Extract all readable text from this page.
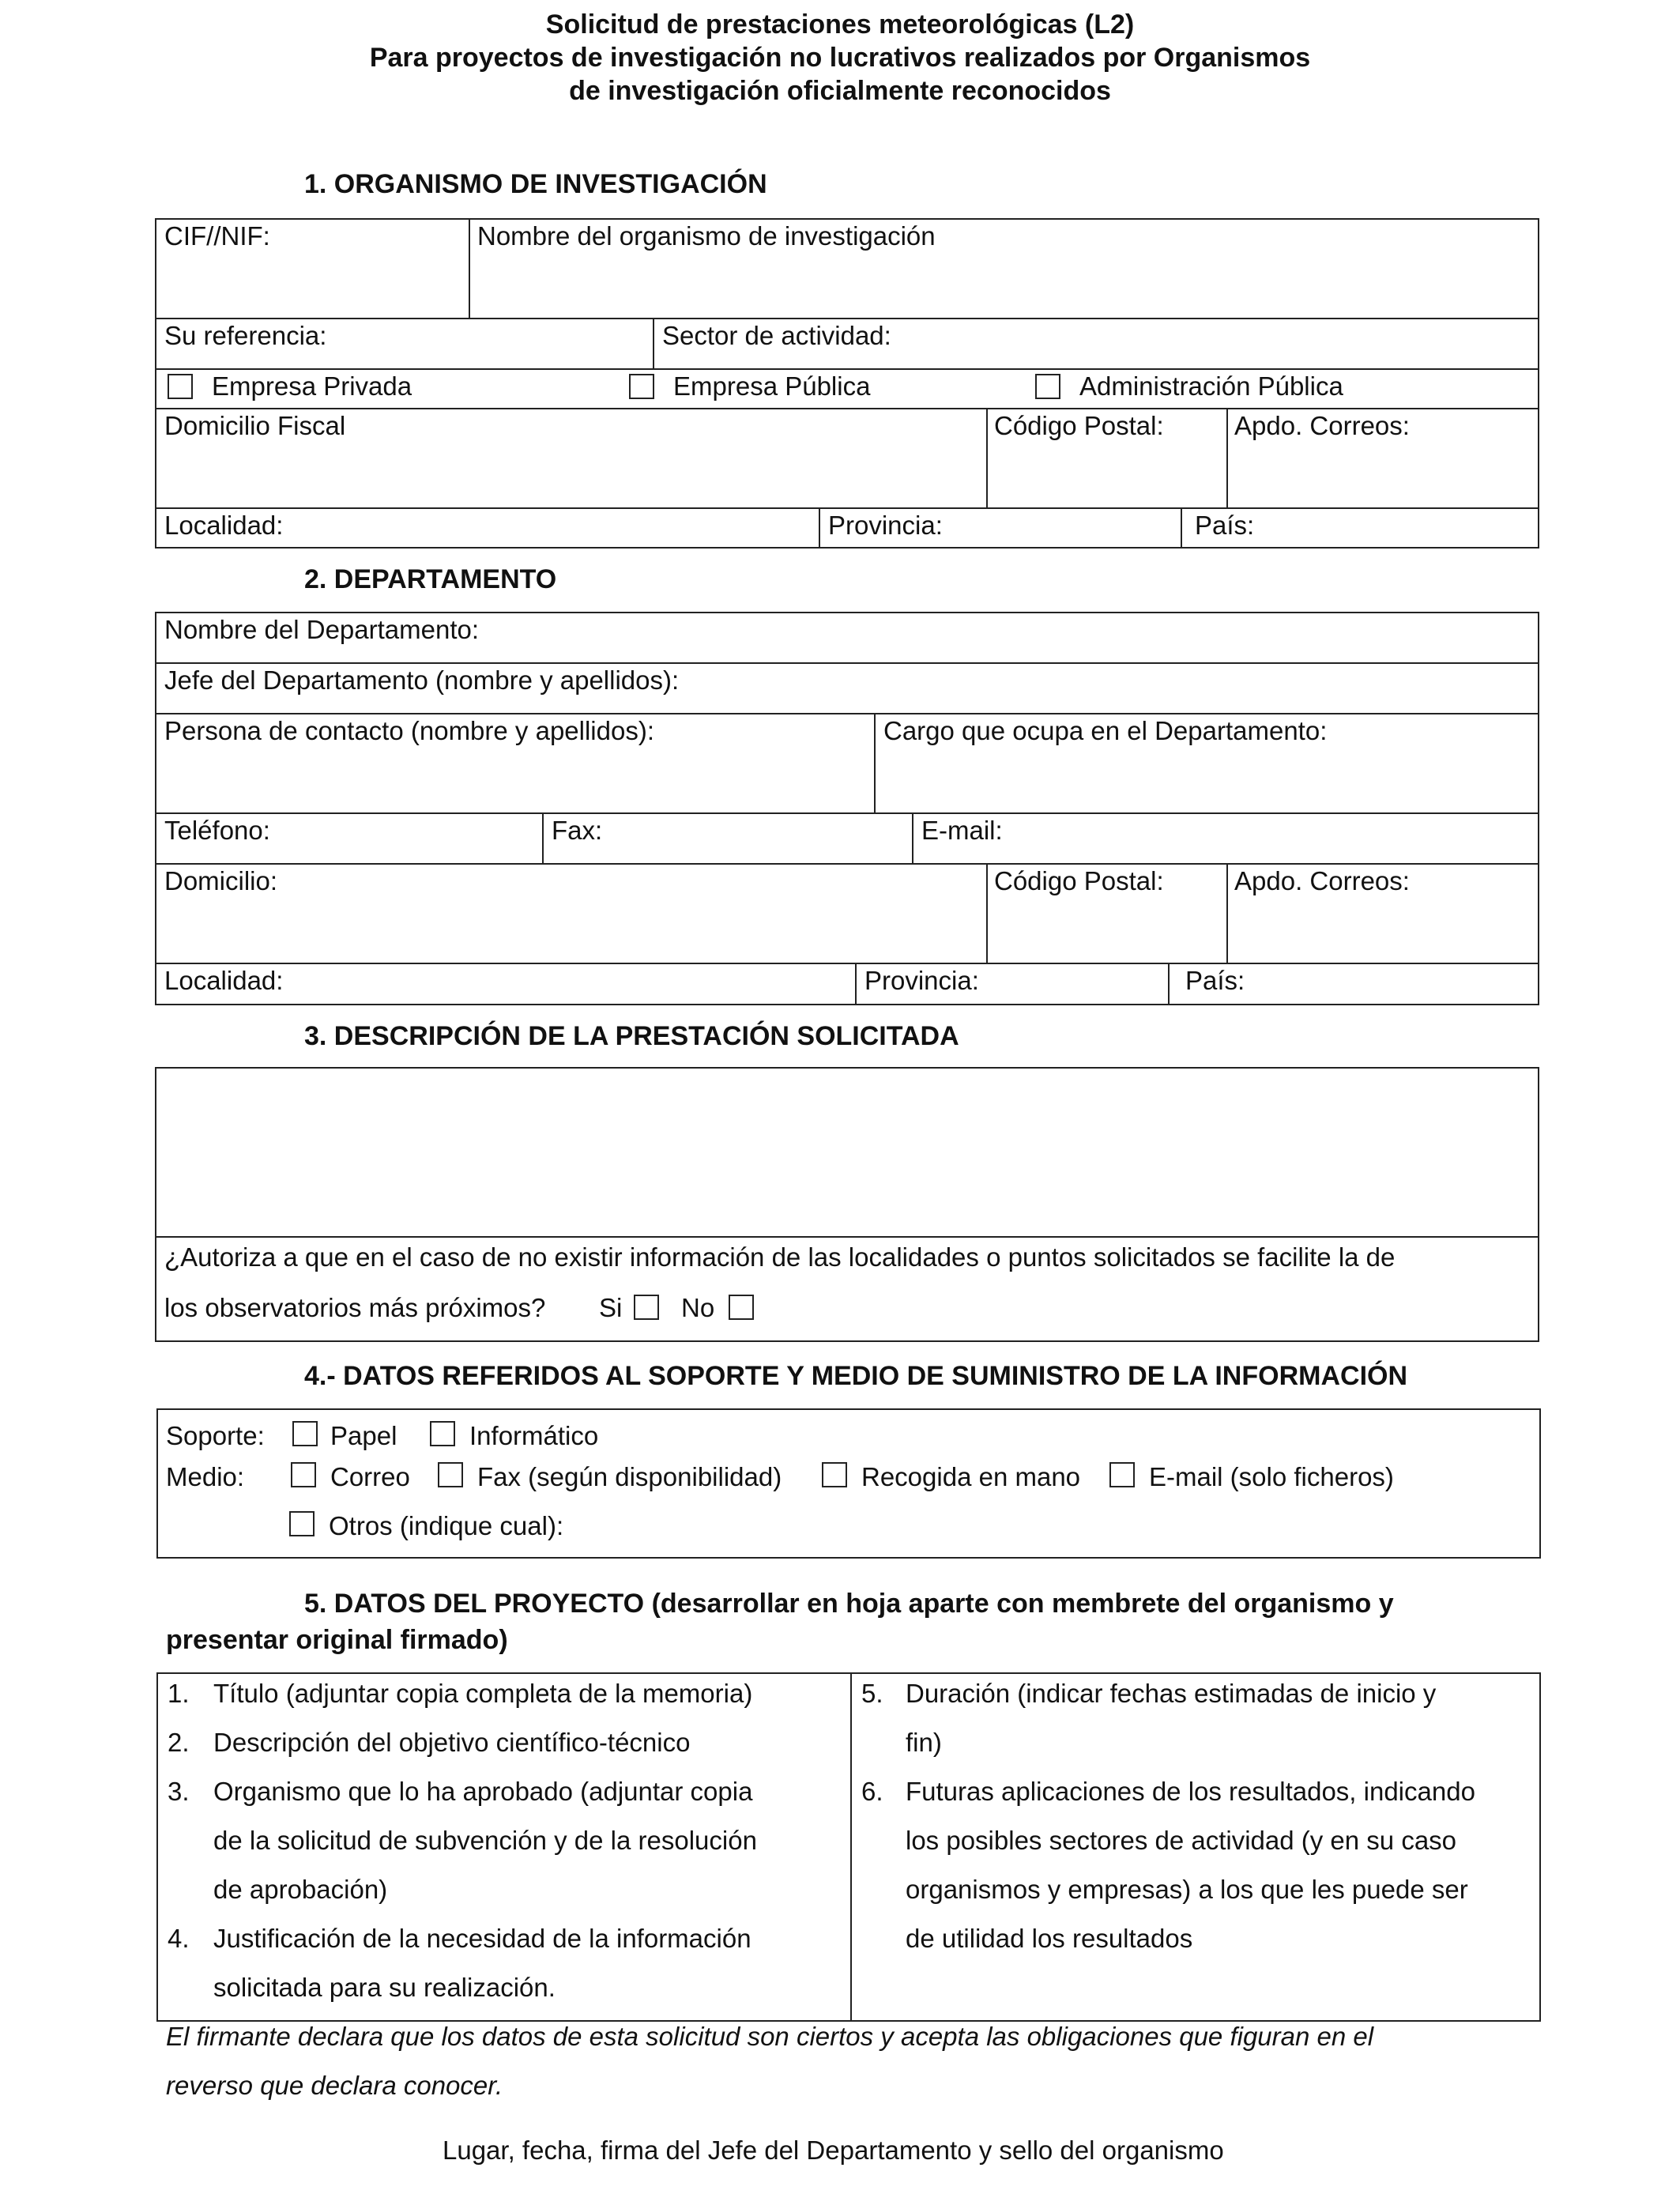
Solicitud de prestaciones meteorológicas (L2)
Para proyectos de investigación no lucrativos realizados por Organismos
de investigación oficialmente reconocidos
1. ORGANISMO DE INVESTIGACIÓN
CIF//NIF:	Nombre del organismo de investigación
Su referencia:	Sector de actividad:
Empresa Privada	Empresa Pública	Administración Pública
Domicilio Fiscal	Código Postal:	Apdo. Correos:
Localidad:	Provincia:	País:
2. DEPARTAMENTO
Nombre del Departamento:
Jefe del Departamento (nombre y apellidos):
Persona de contacto (nombre y apellidos):	Cargo que ocupa en el Departamento:
Teléfono:	Fax:	E-mail:
Domicilio:	Código Postal:	Apdo. Correos:
Localidad:	Provincia:	País:
3. DESCRIPCIÓN DE LA PRESTACIÓN SOLICITADA
¿Autoriza a que en el caso de no existir información de las localidades o puntos solicitados se facilite la de
los observatorios más próximos? Si No
4.- DATOS REFERIDOS AL SOPORTE Y MEDIO DE SUMINISTRO DE LA INFORMACIÓN
Soporte:	Papel	Informático
Medio:	Correo	Fax (según disponibilidad)	Recogida en mano	E-mail (solo ficheros)
Otros (indique cual):
5. DATOS DEL PROYECTO (desarrollar en hoja aparte con membrete del organismo y
presentar original firmado)
1. Título (adjuntar copia completa de la memoria)
2. Descripción del objetivo científico-técnico
3. Organismo que lo ha aprobado (adjuntar copia
de la solicitud de subvención y de la resolución
de aprobación)
4. Justificación de la necesidad de la información
solicitada para su realización.
5. Duración (indicar fechas estimadas de inicio y
fin)
6. Futuras aplicaciones de los resultados, indicando
los posibles sectores de actividad (y en su caso
organismos y empresas) a los que les puede ser
de utilidad los resultados
El firmante declara que los datos de esta solicitud son ciertos y acepta las obligaciones que figuran en el
reverso que declara conocer.
Lugar, fecha, firma del Jefe del Departamento y sello del organismo
